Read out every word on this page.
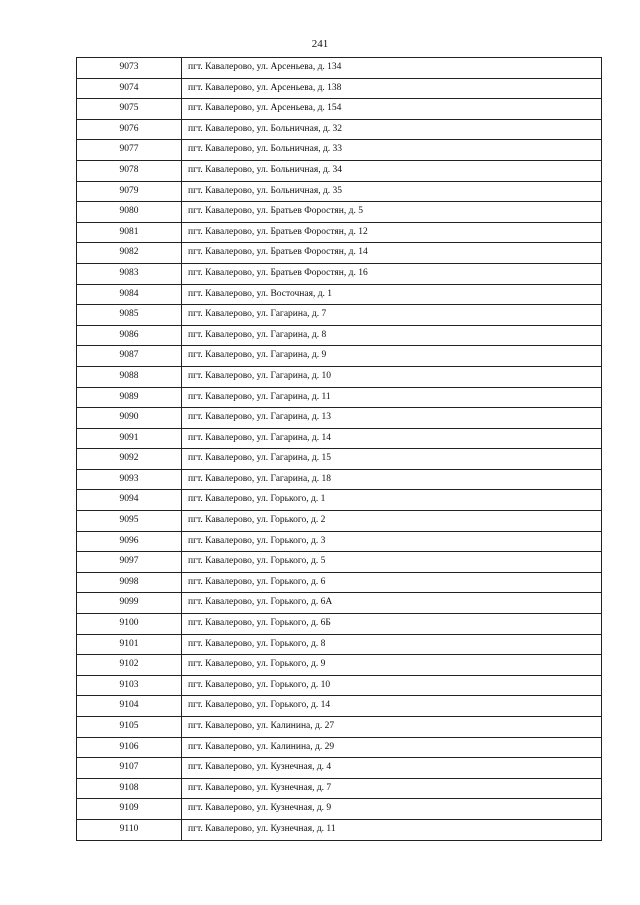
241
9073	пгт. Кавалерово, ул. Арсеньева, д. 134
9074	пгт. Кавалерово, ул. Арсеньева, д. 138
9075	пгт. Кавалерово, ул. Арсеньева, д. 154
9076	пгт. Кавалерово, ул. Больничная, д. 32
9077	пгт. Кавалерово, ул. Больничная, д. 33
9078	пгт. Кавалерово, ул. Больничная, д. 34
9079	пгт. Кавалерово, ул. Больничная, д. 35
9080	пгт. Кавалерово, ул. Братьев Форостян, д. 5
9081	пгт. Кавалерово, ул. Братьев Форостян, д. 12
9082	пгт. Кавалерово, ул. Братьев Форостян, д. 14
9083	пгт. Кавалерово, ул. Братьев Форостян, д. 16
9084	пгт. Кавалерово, ул. Восточная, д. 1
9085	пгт. Кавалерово, ул. Гагарина, д. 7
9086	пгт. Кавалерово, ул. Гагарина, д. 8
9087	пгт. Кавалерово, ул. Гагарина, д. 9
9088	пгт. Кавалерово, ул. Гагарина, д. 10
9089	пгт. Кавалерово, ул. Гагарина, д. 11
9090	пгт. Кавалерово, ул. Гагарина, д. 13
9091	пгт. Кавалерово, ул. Гагарина, д. 14
9092	пгт. Кавалерово, ул. Гагарина, д. 15
9093	пгт. Кавалерово, ул. Гагарина, д. 18
9094	пгт. Кавалерово, ул. Горького, д. 1
9095	пгт. Кавалерово, ул. Горького, д. 2
9096	пгт. Кавалерово, ул. Горького, д. 3
9097	пгт. Кавалерово, ул. Горького, д. 5
9098	пгт. Кавалерово, ул. Горького, д. 6
9099	пгт. Кавалерово, ул. Горького, д. 6А
9100	пгт. Кавалерово, ул. Горького, д. 6Б
9101	пгт. Кавалерово, ул. Горького, д. 8
9102	пгт. Кавалерово, ул. Горького, д. 9
9103	пгт. Кавалерово, ул. Горького, д. 10
9104	пгт. Кавалерово, ул. Горького, д. 14
9105	пгт. Кавалерово, ул. Калинина, д. 27
9106	пгт. Кавалерово, ул. Калинина, д. 29
9107	пгт. Кавалерово, ул. Кузнечная, д. 4
9108	пгт. Кавалерово, ул. Кузнечная, д. 7
9109	пгт. Кавалерово, ул. Кузнечная, д. 9
9110	пгт. Кавалерово, ул. Кузнечная, д. 11
